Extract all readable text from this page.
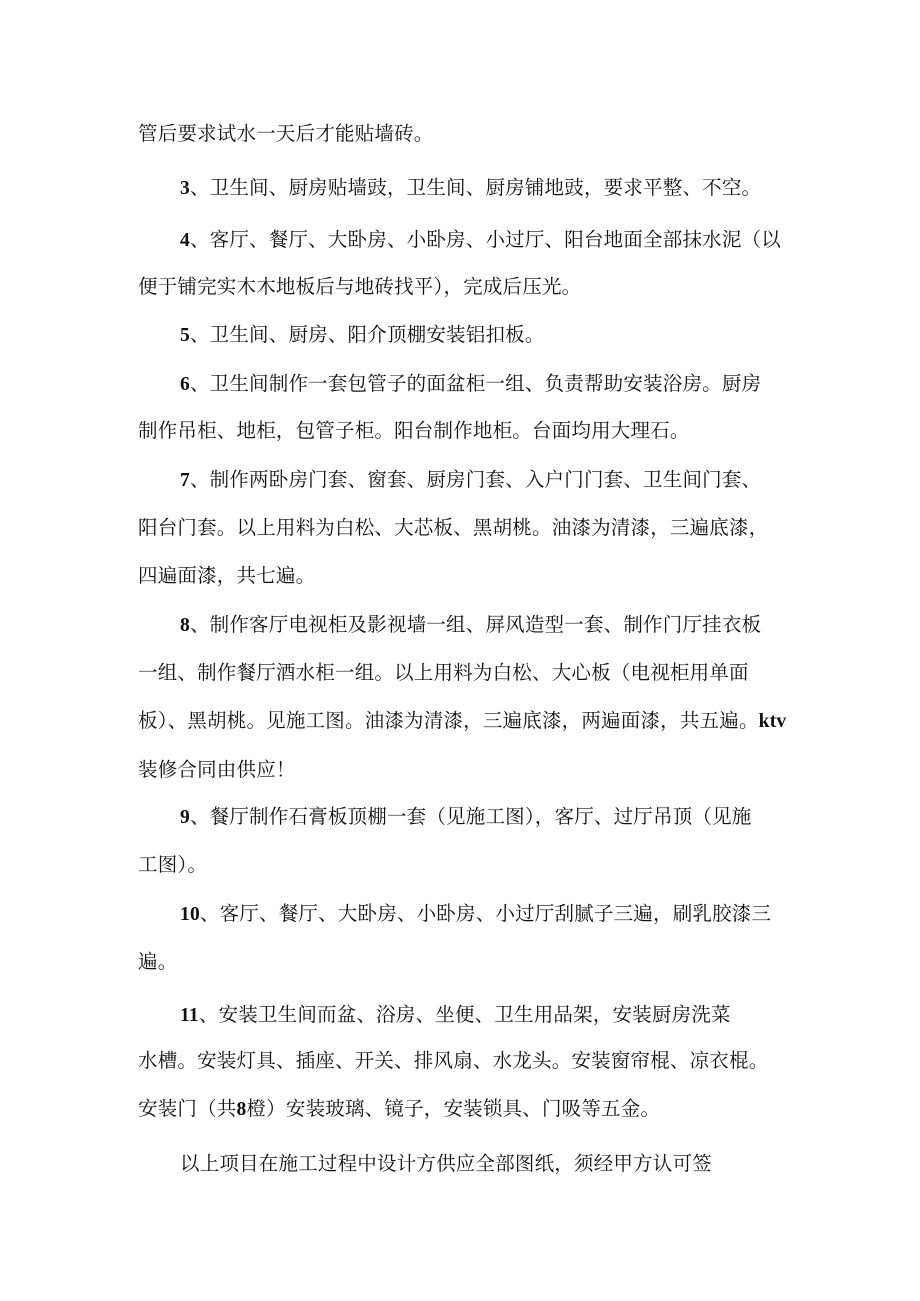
管后要求试水一天后才能贴墙砖。
3、卫生间、厨房贴墙豉，卫生间、厨房铺地豉，要求平整、不空。
4、客厅、餐厅、大卧房、小卧房、小过厅、阳台地面全部抹水泥（以
便于铺完实木木地板后与地砖找平），完成后压光。
5、卫生间、厨房、阳介顶棚安装铝扣板。
6、卫生间制作一套包管子的面盆柜一组、负责帮助安装浴房。厨房
制作吊柜、地柜，包管子柜。阳台制作地柜。台面均用大理石。
7、制作两卧房门套、窗套、厨房门套、入户门门套、卫生间门套、
阳台门套。以上用料为白松、大芯板、黑胡桃。油漆为清漆，三遍底漆，
四遍面漆，共七遍。
8、制作客厅电视柜及影视墙一组、屏风造型一套、制作门厅挂衣板
一组、制作餐厅酒水柜一组。以上用料为白松、大心板（电视柜用单面
板）、黑胡桃。见施工图。油漆为清漆，三遍底漆，两遍面漆，共五遍。ktv
装修合同由供应！
9、餐厅制作石膏板顶棚一套（见施工图），客厅、过厅吊顶（见施
工图）。
10、客厅、餐厅、大卧房、小卧房、小过厅刮腻子三遍，刷乳胶漆三
遍。
11、安装卫生间而盆、浴房、坐便、卫生用品架，安装厨房洗菜
水槽。安装灯具、插座、开关、排风扇、水龙头。安装窗帘棍、凉衣棍。
安装门（共8橙）安装玻璃、镜子，安装锁具、门吸等五金。
以上项目在施工过程中设计方供应全部图纸，须经甲方认可签
